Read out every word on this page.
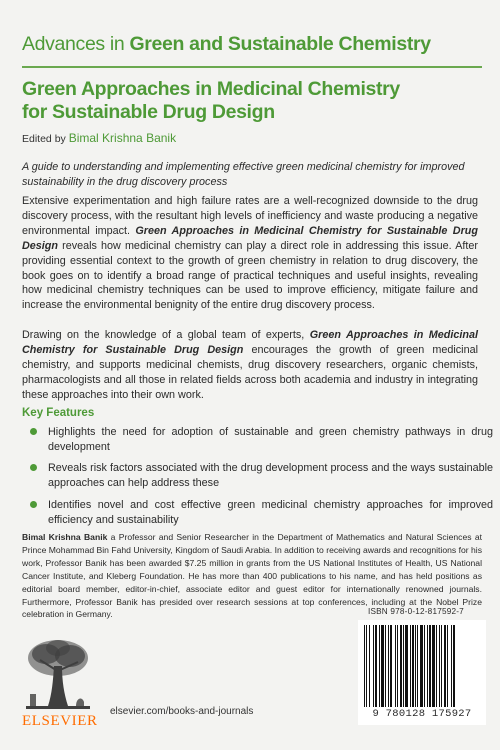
Advances in Green and Sustainable Chemistry
Green Approaches in Medicinal Chemistry
for Sustainable Drug Design
Edited by Bimal Krishna Banik
A guide to understanding and implementing effective green medicinal chemistry for improved sustainability in the drug discovery process
Extensive experimentation and high failure rates are a well-recognized downside to the drug discovery process, with the resultant high levels of inefficiency and waste producing a negative environmental impact. Green Approaches in Medicinal Chemistry for Sustainable Drug Design reveals how medicinal chemistry can play a direct role in addressing this issue. After providing essential context to the growth of green chemistry in relation to drug discovery, the book goes on to identify a broad range of practical techniques and useful insights, revealing how medicinal chemistry techniques can be used to improve efficiency, mitigate failure and increase the environmental benignity of the entire drug discovery process.
Drawing on the knowledge of a global team of experts, Green Approaches in Medicinal Chemistry for Sustainable Drug Design encourages the growth of green medicinal chemistry, and supports medicinal chemists, drug discovery researchers, organic chemists, pharmacologists and all those in related fields across both academia and industry in integrating these approaches into their own work.
Key Features
Highlights the need for adoption of sustainable and green chemistry pathways in drug development
Reveals risk factors associated with the drug development process and the ways sustainable approaches can help address these
Identifies novel and cost effective green medicinal chemistry approaches for improved efficiency and sustainability
Bimal Krishna Banik a Professor and Senior Researcher in the Department of Mathematics and Natural Sciences at Prince Mohammad Bin Fahd University, Kingdom of Saudi Arabia. In addition to receiving awards and recognitions for his work, Professor Banik has been awarded $7.25 million in grants from the US National Institutes of Health, US National Cancer Institute, and Kleberg Foundation. He has more than 400 publications to his name, and has held positions as editorial board member, editor-in-chief, associate editor and guest editor for internationally renowned journals. Furthermore, Professor Banik has presided over research sessions at top conferences, including at the Nobel Prize celebration in Germany.
ELSEVIER
elsevier.com/books-and-journals
ISBN 978-0-12-817592-7
9 780128 175927
